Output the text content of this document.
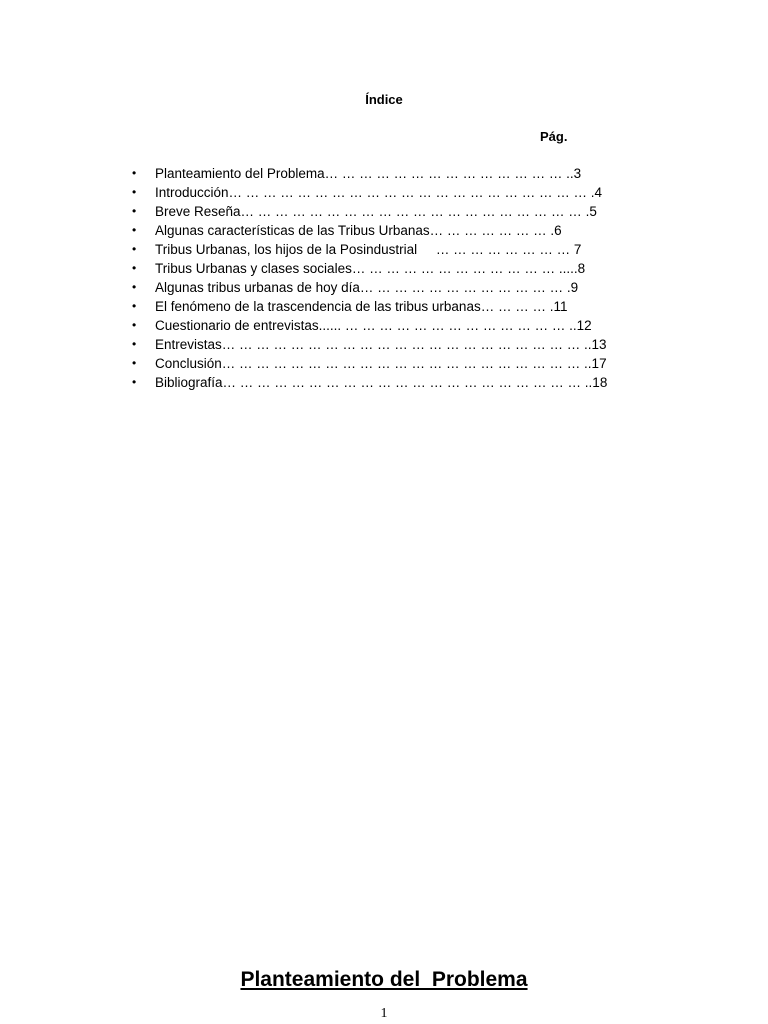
Índice
Pág.
• Planteamiento del Problema… … … … … … … … … … … … … … ..3
• Introducción… … … … … … … … … … … … … … … … … … … … … .4
• Breve Reseña… … … … … … … … … … … … … … … … … … … … .5
• Algunas características de las Tribus Urbanas… … … … … … … .6
• Tribus Urbanas, los hijos de la Posindustrial     … … … … … … … … 7
• Tribus Urbanas y clases sociales… … … … … … … … … … … … .....8
• Algunas tribus urbanas de hoy día… … … … … … … … … … … … .9
• El fenómeno de la trascendencia de las tribus urbanas… … … … .11
• Cuestionario de entrevistas...... … … … … … … … … … … … … … ..12
• Entrevistas… … … … … … … … … … … … … … … … … … … … … ..13
• Conclusión… … … … … … … … … … … … … … … … … … … … … ..17
• Bibliografía… … … … … … … … … … … … … … … … … … … … … ..18
Planteamiento del  Problema
1
